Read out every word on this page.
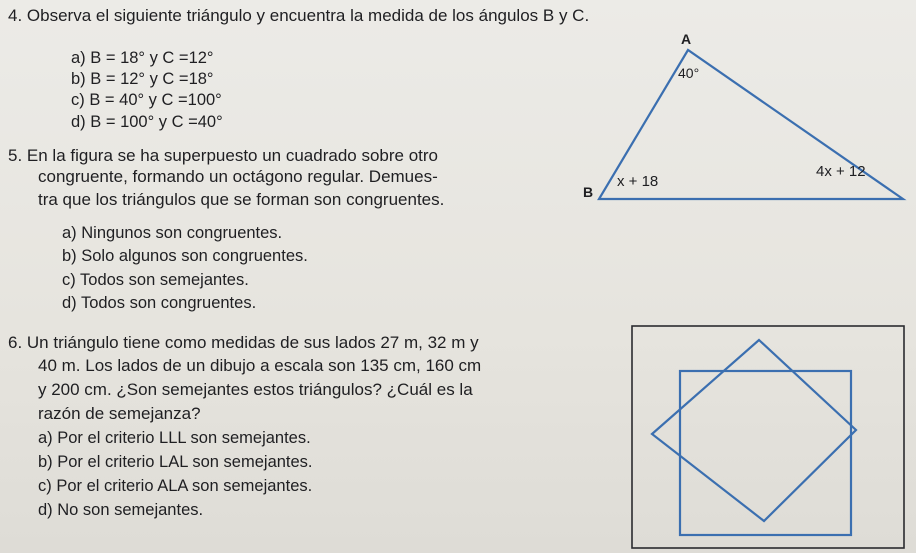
4. Observa el siguiente triángulo y encuentra la medida de los ángulos B y C.
a) B = 18° y C =12°
b) B = 12° y C =18°
c) B = 40° y C =100°
d) B = 100° y C =40°
A
B
40°
x + 18
4x + 12
5. En la figura se ha superpuesto un cuadrado sobre otro
congruente, formando un octágono regular. Demues-
tra que los triángulos que se forman son congruentes.
a) Ningunos son congruentes.
b) Solo algunos son congruentes.
c) Todos son semejantes.
d) Todos son congruentes.
6. Un triángulo tiene como medidas de sus lados 27 m, 32 m y
40 m. Los lados de un dibujo a escala son 135 cm, 160 cm
y 200 cm. ¿Son semejantes estos triángulos? ¿Cuál es la
razón de semejanza?
a) Por el criterio LLL son semejantes.
b) Por el criterio LAL son semejantes.
c) Por el criterio ALA son semejantes.
d) No son semejantes.
